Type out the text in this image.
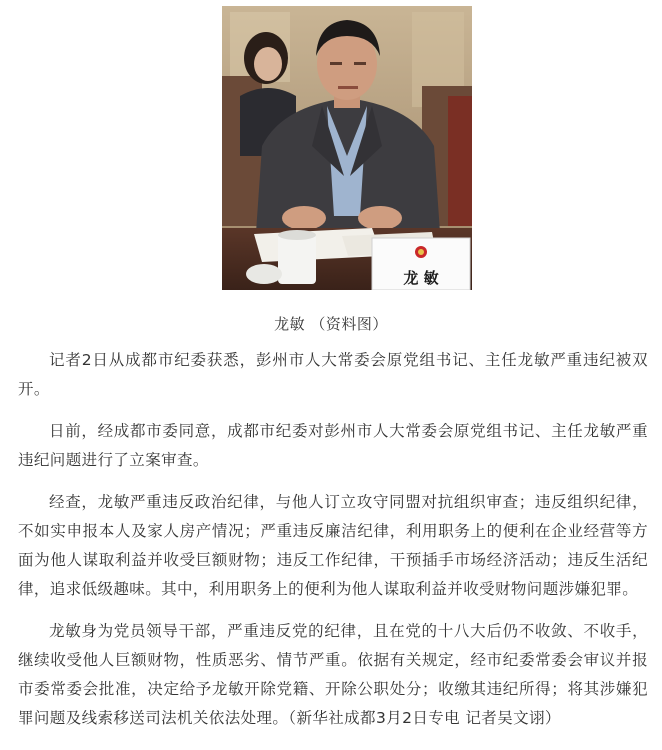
龙 敏
龙敏 （资料图）

记者2日从成都市纪委获悉，彭州市人大常委会原党组书记、主任龙敏严重违纪被双开。

日前，经成都市委同意，成都市纪委对彭州市人大常委会原党组书记、主任龙敏严重违纪问题进行了立案审查。

经查，龙敏严重违反政治纪律，与他人订立攻守同盟对抗组织审查；违反组织纪律，不如实申报本人及家人房产情况；严重违反廉洁纪律，利用职务上的便利在企业经营等方面为他人谋取利益并收受巨额财物；违反工作纪律，干预插手市场经济活动；违反生活纪律，追求低级趣味。其中，利用职务上的便利为他人谋取利益并收受财物问题涉嫌犯罪。

龙敏身为党员领导干部，严重违反党的纪律，且在党的十八大后仍不收敛、不收手，继续收受他人巨额财物，性质恶劣、情节严重。依据有关规定，经市纪委常委会审议并报市委常委会批准，决定给予龙敏开除党籍、开除公职处分；收缴其违纪所得；将其涉嫌犯罪问题及线索移送司法机关依法处理。（新华社成都3月2日专电 记者吴文诩）
